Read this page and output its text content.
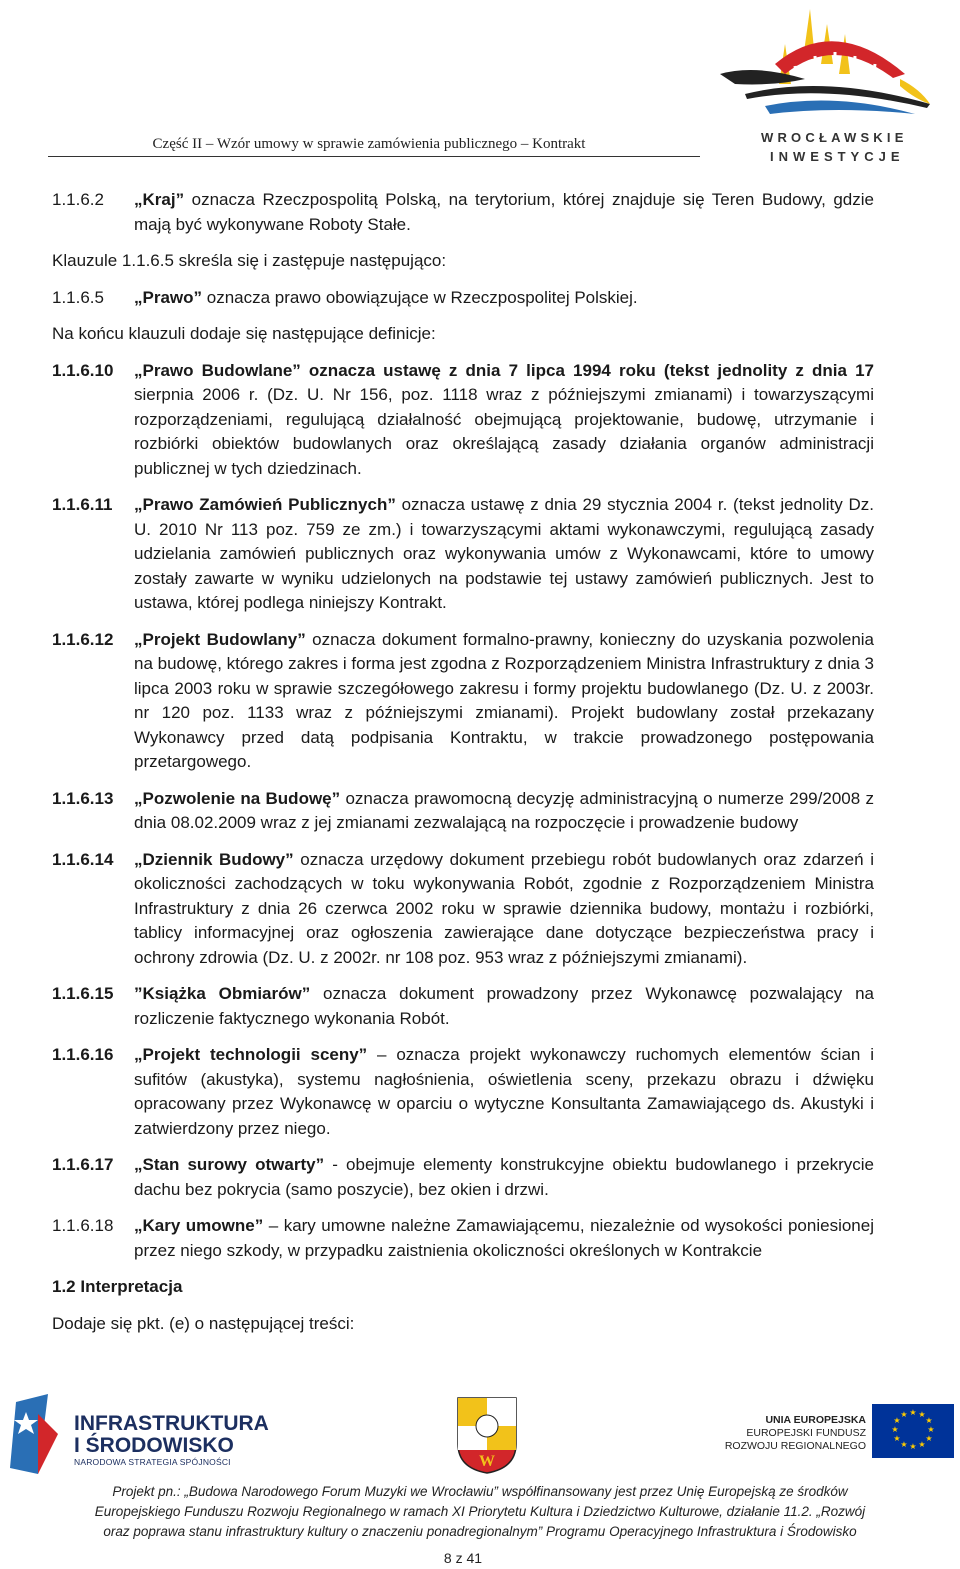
Część II – Wzór umowy w sprawie zamówienia publicznego – Kontrakt	WROCŁAWSKIE
INWESTYCJE
1.1.6.2 „Kraj” oznacza Rzeczpospolitą Polską, na terytorium, której znajduje się Teren Budowy, gdzie mają być wykonywane Roboty Stałe.
Klauzule 1.1.6.5 skreśla się i zastępuje następująco:
1.1.6.5 „Prawo” oznacza prawo obowiązujące w Rzeczpospolitej Polskiej.
Na końcu klauzuli dodaje się następujące definicje:
1.1.6.10 „Prawo Budowlane” oznacza ustawę z dnia 7 lipca 1994 roku (tekst jednolity z dnia 17 sierpnia 2006 r. (Dz. U. Nr 156, poz. 1118 wraz z późniejszymi zmianami) i towarzyszącymi rozporządzeniami, regulującą działalność obejmującą projektowanie, budowę, utrzymanie i rozbiórki obiektów budowlanych oraz określającą zasady działania organów administracji publicznej w tych dziedzinach.
1.1.6.11 „Prawo Zamówień Publicznych” oznacza ustawę z dnia 29 stycznia 2004 r. (tekst jednolity Dz. U. 2010 Nr 113 poz. 759 ze zm.) i towarzyszącymi aktami wykonawczymi, regulującą zasady udzielania zamówień publicznych oraz wykonywania umów z Wykonawcami, które to umowy zostały zawarte w wyniku udzielonych na podstawie tej ustawy zamówień publicznych. Jest to ustawa, której podlega niniejszy Kontrakt.
1.1.6.12 „Projekt Budowlany” oznacza dokument formalno-prawny, konieczny do uzyskania pozwolenia na budowę, którego zakres i forma jest zgodna z Rozporządzeniem Ministra Infrastruktury z dnia 3 lipca 2003 roku w sprawie szczegółowego zakresu i formy projektu budowlanego (Dz. U. z 2003r. nr 120 poz. 1133 wraz z późniejszymi zmianami). Projekt budowlany został przekazany Wykonawcy przed datą podpisania Kontraktu, w trakcie prowadzonego postępowania przetargowego.
1.1.6.13 „Pozwolenie na Budowę” oznacza prawomocną decyzję administracyjną o numerze 299/2008 z dnia 08.02.2009 wraz z jej zmianami zezwalającą na rozpoczęcie i prowadzenie budowy
1.1.6.14 „Dziennik Budowy” oznacza urzędowy dokument przebiegu robót budowlanych oraz zdarzeń i okoliczności zachodzących w toku wykonywania Robót, zgodnie z Rozporządzeniem Ministra Infrastruktury z dnia 26 czerwca 2002 roku w sprawie dziennika budowy, montażu i rozbiórki, tablicy informacyjnej oraz ogłoszenia zawierające dane dotyczące bezpieczeństwa pracy i ochrony zdrowia (Dz. U. z 2002r. nr 108 poz. 953 wraz z późniejszymi zmianami).
1.1.6.15 ”Książka Obmiarów” oznacza dokument prowadzony przez Wykonawcę pozwalający na rozliczenie faktycznego wykonania Robót.
1.1.6.16 „Projekt technologii sceny” – oznacza projekt wykonawczy ruchomych elementów ścian i sufitów (akustyka), systemu nagłośnienia, oświetlenia sceny, przekazu obrazu i dźwięku opracowany przez Wykonawcę w oparciu o wytyczne Konsultanta Zamawiającego ds. Akustyki i zatwierdzony przez niego.
1.1.6.17 „Stan surowy otwarty” - obejmuje elementy konstrukcyjne obiektu budowlanego i przekrycie dachu bez pokrycia (samo poszycie), bez okien i drzwi.
1.1.6.18 „Kary umowne” – kary umowne należne Zamawiającemu, niezależnie od wysokości poniesionej przez niego szkody, w przypadku zaistnienia okoliczności określonych w Kontrakcie
1.2 Interpretacja
Dodaje się pkt. (e) o następującej treści:
INFRASTRUKTURA
I ŚRODOWISKO
NARODOWA STRATEGIA SPÓJNOŚCI	W
UNIA EUROPEJSKA
EUROPEJSKI FUNDUSZ
ROZWOJU REGIONALNEGO
★ ★
★
★
★
★
★
★
★
★
★
★
Projekt pn.: „Budowa Narodowego Forum Muzyki we Wrocławiu” współfinansowany jest przez Unię Europejską ze środków
Europejskiego Funduszu Rozwoju Regionalnego w ramach XI Priorytetu Kultura i Dziedzictwo Kulturowe, działanie 11.2. „Rozwój
oraz poprawa stanu infrastruktury kultury o znaczeniu ponadregionalnym” Programu Operacyjnego Infrastruktura i Środowisko
8 z 41
